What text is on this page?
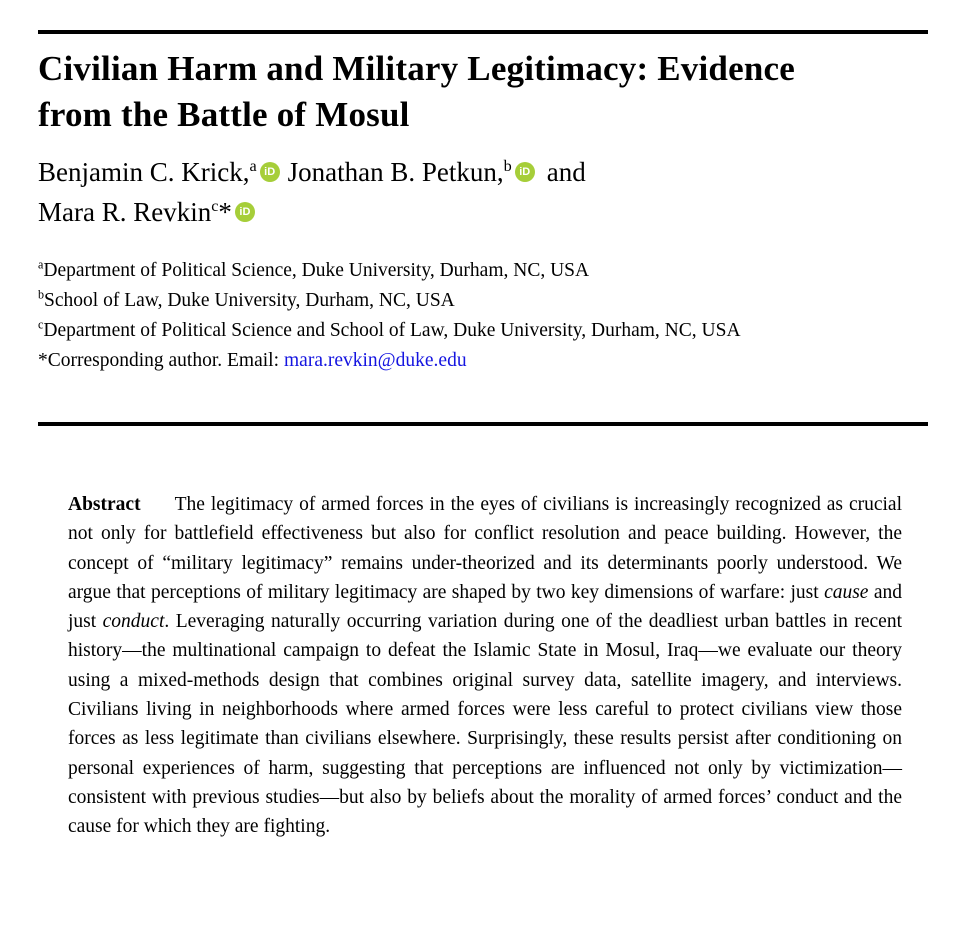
Civilian Harm and Military Legitimacy: Evidence
from the Battle of Mosul
Benjamin C. Krick,$^a$ iD Jonathan B. Petkun,$^b$ iD and
Mara R. Revkin$^c$* iD
$^a$Department of Political Science, Duke University, Durham, NC, USA
$^b$School of Law, Duke University, Durham, NC, USA
$^c$Department of Political Science and School of Law, Duke University, Durham, NC, USA
*Corresponding author. Email: mara.revkin@duke.edu

Abstract The legitimacy of armed forces in the eyes of civilians is increasingly recognized as crucial not only for battlefield effectiveness but also for conflict resolution and peace building. However, the concept of “military legitimacy” remains under-theorized and its determinants poorly understood. We argue that perceptions of military legitimacy are shaped by two key dimensions of warfare: just cause and just conduct. Leveraging naturally occurring variation during one of the deadliest urban battles in recent history—the multinational campaign to defeat the Islamic State in Mosul, Iraq—we evaluate our theory using a mixed-methods design that combines original survey data, satellite imagery, and interviews. Civilians living in neighborhoods where armed forces were less careful to protect civilians view those forces as less legitimate than civilians elsewhere. Surprisingly, these results persist after conditioning on personal experiences of harm, suggesting that perceptions are influenced not only by victimization—consistent with previous studies—but also by beliefs about the morality of armed forces’ conduct and the cause for which they are fighting.
